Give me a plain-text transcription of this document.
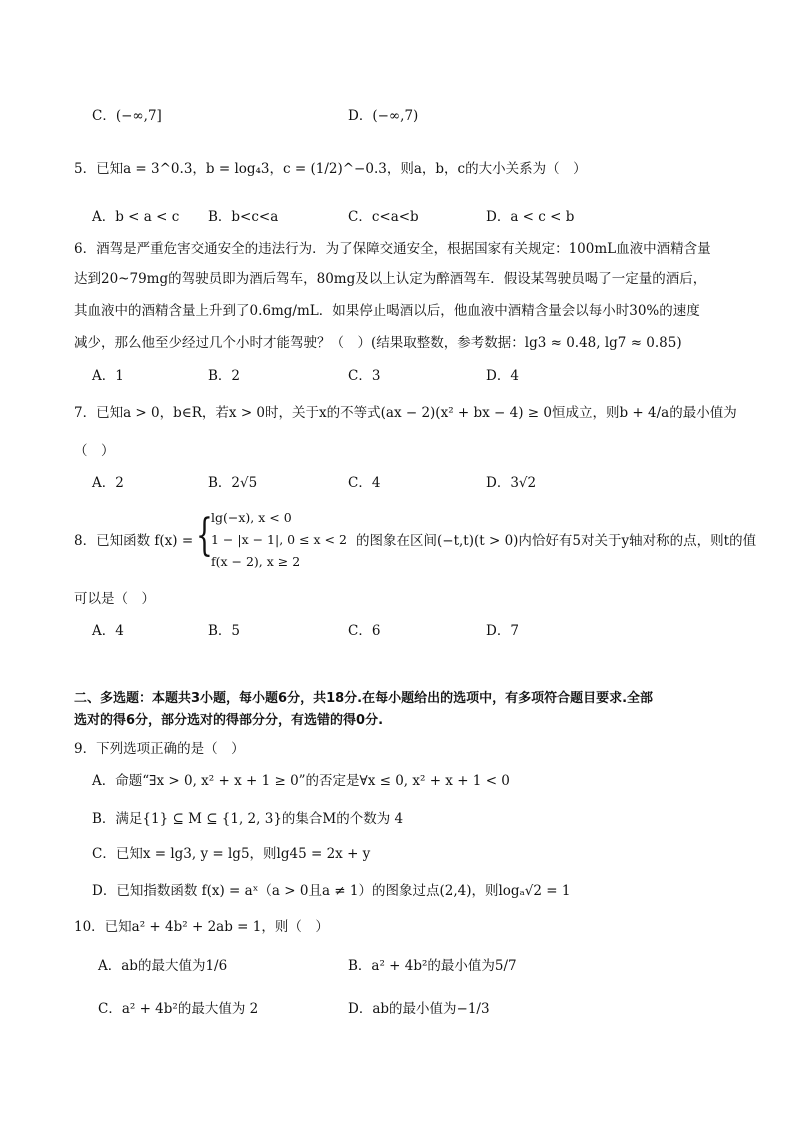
C．(−∞,7]	D．(−∞,7)
5．已知a = 3^0.3，b = log₄3，c = (1/2)^−0.3，则a，b，c的大小关系为（　）
A．b < a < c B．b<c<a	C．c<a<b	D．a < c < b
6．酒驾是严重危害交通安全的违法行为．为了保障交通安全，根据国家有关规定：100mL血液中酒精含量
达到20~79mg的驾驶员即为酒后驾车，80mg及以上认定为醉酒驾车．假设某驾驶员喝了一定量的酒后，
其血液中的酒精含量上升到了0.6mg/mL．如果停止喝酒以后，他血液中酒精含量会以每小时30%的速度
减少，那么他至少经过几个小时才能驾驶？（　）(结果取整数，参考数据：lg3 ≈ 0.48, lg7 ≈ 0.85)
A．1	B．2	C．3	D．4
7．已知a > 0，b∈R，若x > 0时，关于x的不等式(ax − 2)(x² + bx − 4) ≥ 0恒成立，则b + 4/a的最小值为
（　）
A．2	B．2√5	C．4	D．3√2
8．已知函数 f(x) = {
lg(−x), x < 0
1 − |x − 1|, 0 ≤ x < 2
f(x − 2), x ≥ 2
的图象在区间(−t,t)(t > 0)内恰好有5对关于y轴对称的点，则t的值
可以是（　）
A．4	B．5	C．6	D．7
二、多选题：本题共3小题，每小题6分，共18分.在每小题给出的选项中，有多项符合题目要求.全部
选对的得6分，部分选对的得部分分，有选错的得0分.
9．下列选项正确的是（　）
A．命题“∃x > 0, x² + x + 1 ≥ 0”的否定是∀x ≤ 0, x² + x + 1 < 0
B．满足{1} ⊆ M ⊆ {1, 2, 3}的集合M的个数为 4
C．已知x = lg3, y = lg5，则lg45 = 2x + y
D．已知指数函数 f(x) = aˣ（a > 0且a ≠ 1）的图象过点(2,4)，则logₐ√2 = 1
10．已知a² + 4b² + 2ab = 1，则（　）
A．ab的最大值为1/6	B．a² + 4b²的最小值为5/7
C．a² + 4b²的最大值为 2	D．ab的最小值为−1/3
